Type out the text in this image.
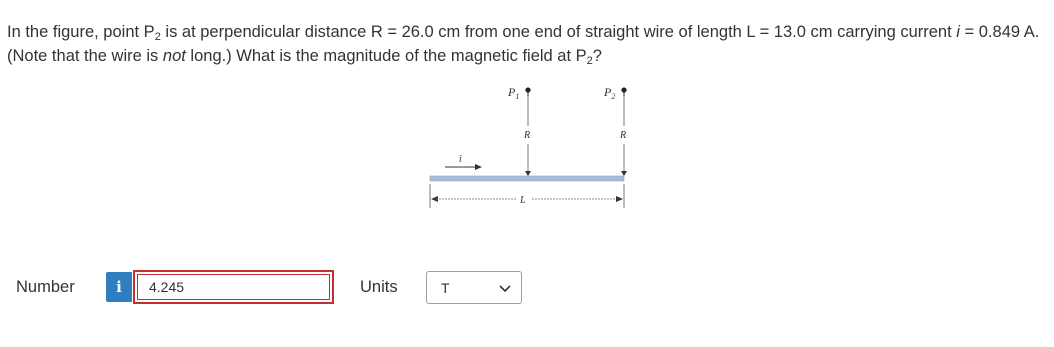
In the figure, point $P_2$ is at perpendicular distance R = 26.0 cm from one end of straight wire of length L = 13.0 cm carrying current i = 0.849 A. (Note that the wire is not long.) What is the magnitude of the magnetic field at $P_2$?
$P_1$
R
$P_2$
R
i
L
Number	i
4.245	Units	T
